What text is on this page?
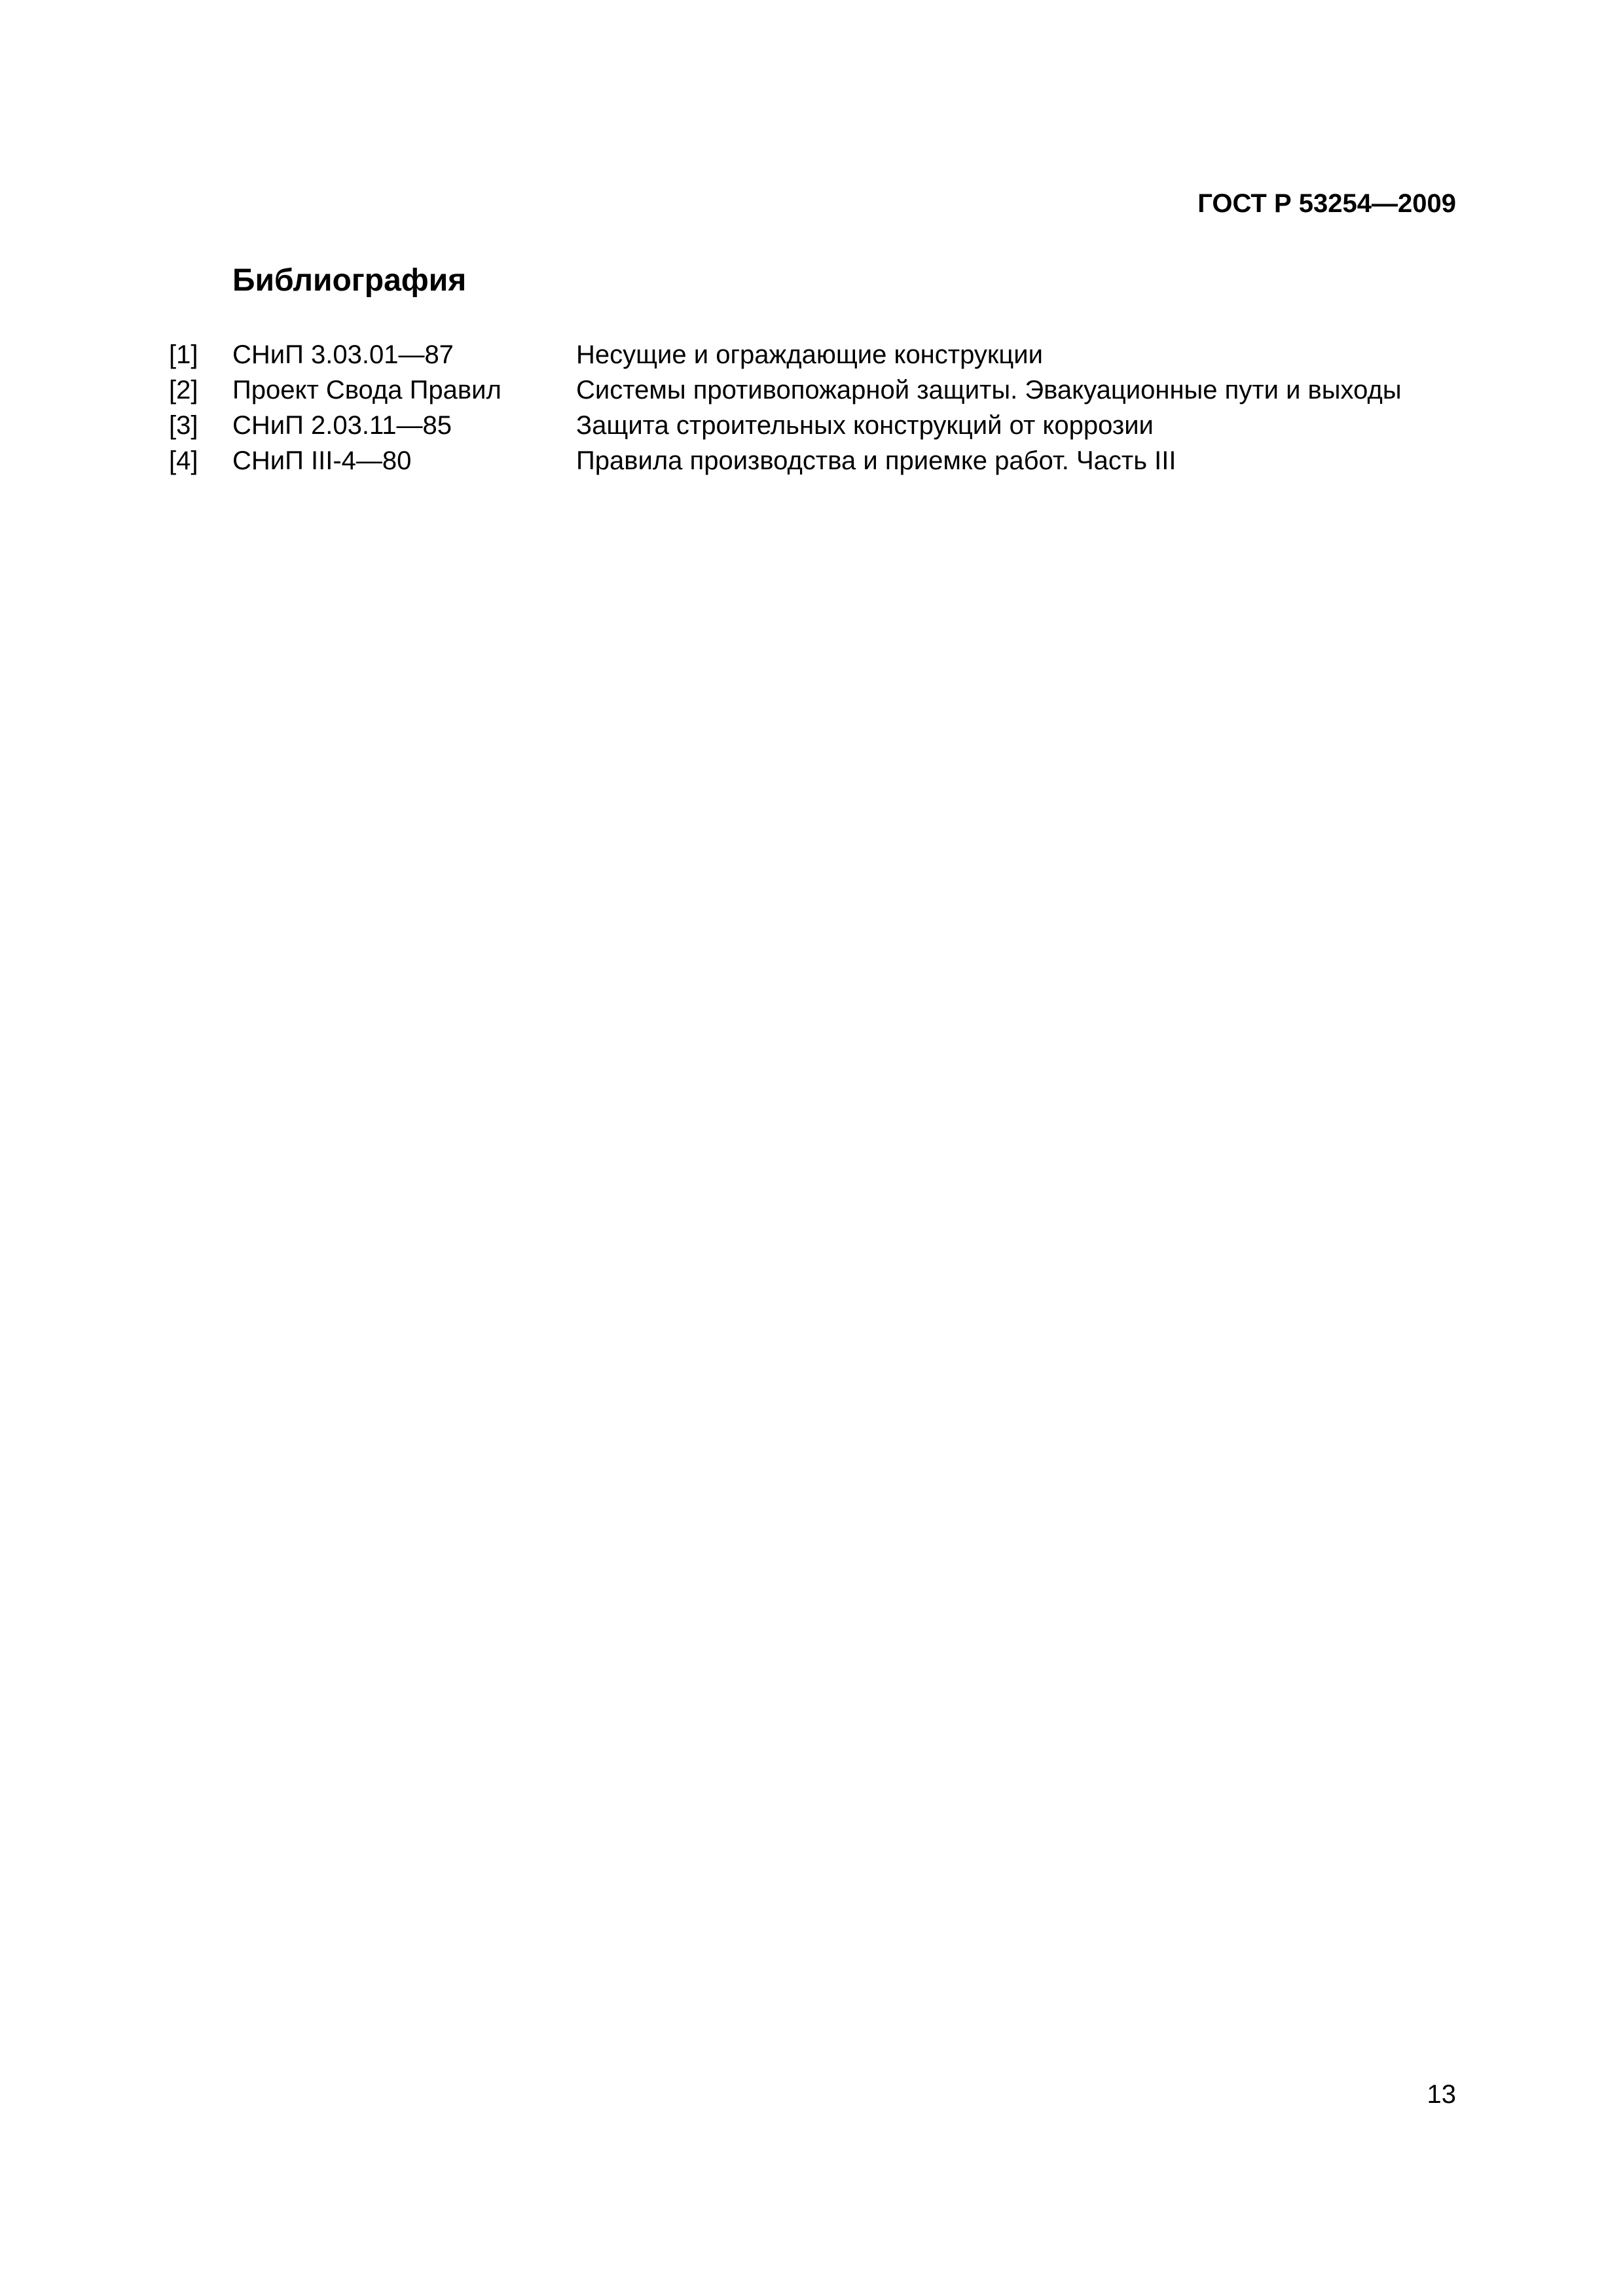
ГОСТ Р 53254—2009
Библиография
[1]	СНиП 3.03.01—87	Несущие и ограждающие конструкции
[2]	Проект Свода Правил	Системы противопожарной защиты. Эвакуационные пути и выходы
[3]	СНиП 2.03.11—85	Защита строительных конструкций от коррозии
[4]	СНиП III-4—80	Правила производства и приемке работ. Часть III
13
